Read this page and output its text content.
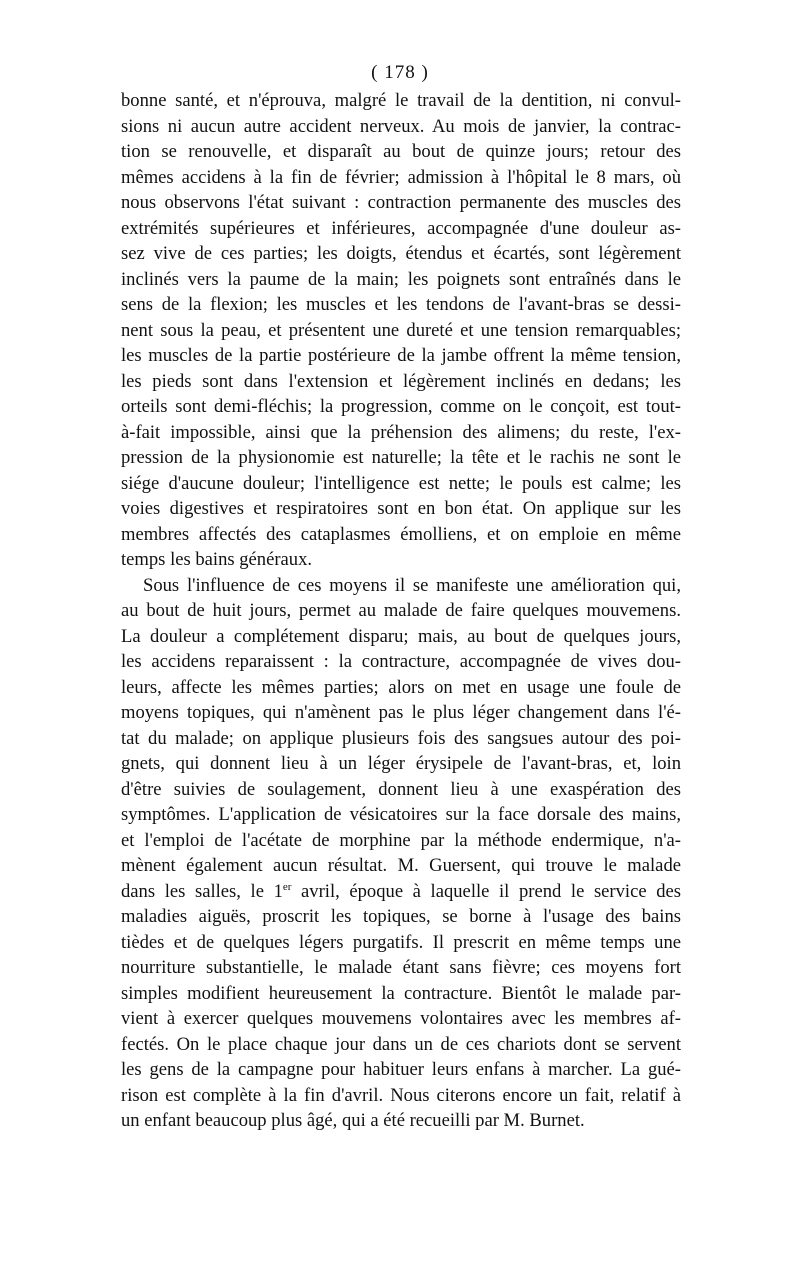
( 178 )
bonne santé, et n'éprouva, malgré le travail de la dentition, ni convul-
sions ni aucun autre accident nerveux. Au mois de janvier, la contrac-
tion se renouvelle, et disparaît au bout de quinze jours; retour des
mêmes accidens à la fin de février; admission à l'hôpital le 8 mars, où
nous observons l'état suivant : contraction permanente des muscles des
extrémités supérieures et inférieures, accompagnée d'une douleur as-
sez vive de ces parties; les doigts, étendus et écartés, sont légèrement
inclinés vers la paume de la main; les poignets sont entraînés dans le
sens de la flexion; les muscles et les tendons de l'avant-bras se dessi-
nent sous la peau, et présentent une dureté et une tension remarquables;
les muscles de la partie postérieure de la jambe offrent la même tension,
les pieds sont dans l'extension et légèrement inclinés en dedans; les
orteils sont demi-fléchis; la progression, comme on le conçoit, est tout-
à-fait impossible, ainsi que la préhension des alimens; du reste, l'ex-
pression de la physionomie est naturelle; la tête et le rachis ne sont le
siége d'aucune douleur; l'intelligence est nette; le pouls est calme; les
voies digestives et respiratoires sont en bon état. On applique sur les
membres affectés des cataplasmes émolliens, et on emploie en même
temps les bains généraux.
Sous l'influence de ces moyens il se manifeste une amélioration qui,
au bout de huit jours, permet au malade de faire quelques mouvemens.
La douleur a complétement disparu; mais, au bout de quelques jours,
les accidens reparaissent : la contracture, accompagnée de vives dou-
leurs, affecte les mêmes parties; alors on met en usage une foule de
moyens topiques, qui n'amènent pas le plus léger changement dans l'é-
tat du malade; on applique plusieurs fois des sangsues autour des poi-
gnets, qui donnent lieu à un léger érysipele de l'avant-bras, et, loin
d'être suivies de soulagement, donnent lieu à une exaspération des
symptômes. L'application de vésicatoires sur la face dorsale des mains,
et l'emploi de l'acétate de morphine par la méthode endermique, n'a-
mènent également aucun résultat. M. Guersent, qui trouve le malade
dans les salles, le 1er avril, époque à laquelle il prend le service des
maladies aiguës, proscrit les topiques, se borne à l'usage des bains
tièdes et de quelques légers purgatifs. Il prescrit en même temps une
nourriture substantielle, le malade étant sans fièvre; ces moyens fort
simples modifient heureusement la contracture. Bientôt le malade par-
vient à exercer quelques mouvemens volontaires avec les membres af-
fectés. On le place chaque jour dans un de ces chariots dont se servent
les gens de la campagne pour habituer leurs enfans à marcher. La gué-
rison est complète à la fin d'avril. Nous citerons encore un fait, relatif à
un enfant beaucoup plus âgé, qui a été recueilli par M. Burnet.
